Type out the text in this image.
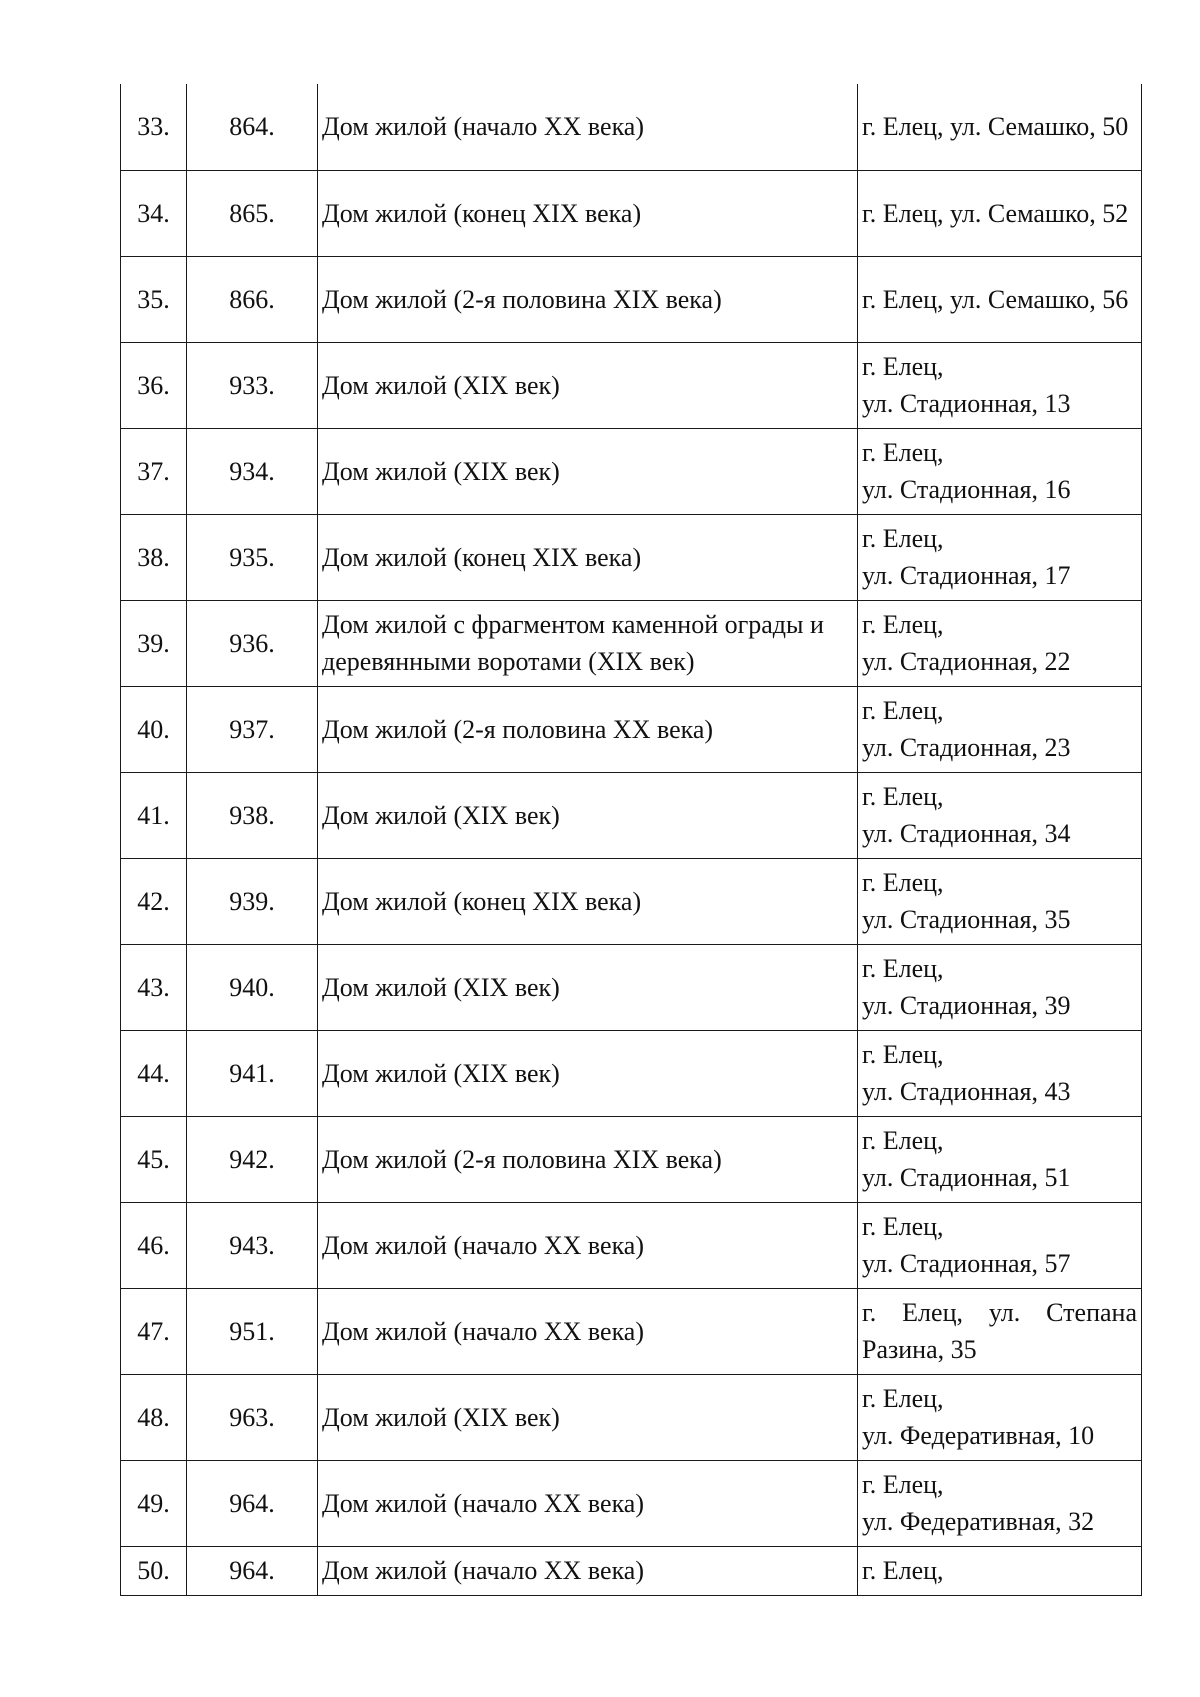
33.	864.	Дом жилой (начало XX века)	г. Елец, ул. Семашко, 50
34.	865.	Дом жилой (конец XIX века)	г. Елец, ул. Семашко, 52
35.	866.	Дом жилой (2-я половина XIX века)	г. Елец, ул. Семашко, 56
36.	933.	Дом жилой (XIX век)	г. Елец,
ул. Стадионная, 13

37.	934.	Дом жилой (XIX век)	г. Елец,
ул. Стадионная, 16

38.	935.	Дом жилой (конец XIX века)	г. Елец,
ул. Стадионная, 17

39.	936.	Дом жилой с фрагментом каменной ограды и деревянными воротами (XIX век)	г. Елец,
ул. Стадионная, 22

40.	937.	Дом жилой (2-я половина XX века)	г. Елец,
ул. Стадионная, 23

41.	938.	Дом жилой (XIX век)	г. Елец,
ул. Стадионная, 34

42.	939.	Дом жилой (конец XIX века)	г. Елец,
ул. Стадионная, 35

43.	940.	Дом жилой (XIX век)	г. Елец,
ул. Стадионная, 39

44.	941.	Дом жилой (XIX век)	г. Елец,
ул. Стадионная, 43

45.	942.	Дом жилой (2-я половина XIX века)	г. Елец,
ул. Стадионная, 51

46.	943.	Дом жилой (начало XX века)	г. Елец,
ул. Стадионная, 57

47.	951.	Дом жилой (начало XX века)	г. Елец, ул. Степана Разина, 35
48.	963.	Дом жилой (XIX век)	г. Елец,
ул. Федеративная, 10

49.	964.	Дом жилой (начало XX века)	г. Елец,
ул. Федеративная, 32

50.	964.	Дом жилой (начало XX века)	г. Елец,
